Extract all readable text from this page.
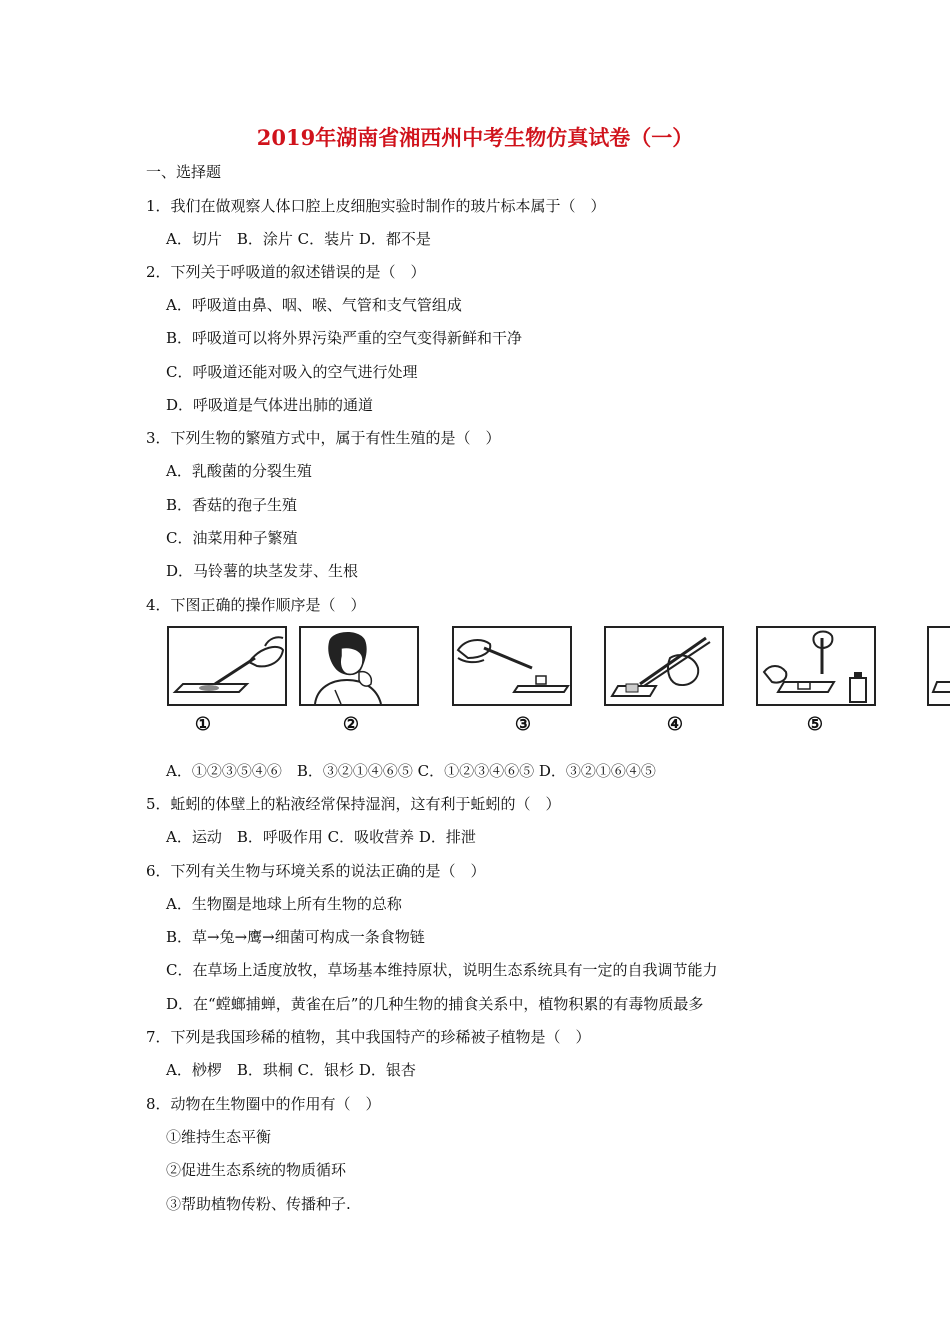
2019年湖南省湘西州中考生物仿真试卷（一）
一、选择题
1．我们在做观察人体口腔上皮细胞实验时制作的玻片标本属于（　）
A．切片　B．涂片 C．装片 D．都不是
2．下列关于呼吸道的叙述错误的是（　）
A．呼吸道由鼻、咽、喉、气管和支气管组成
B．呼吸道可以将外界污染严重的空气变得新鲜和干净
C．呼吸道还能对吸入的空气进行处理
D．呼吸道是气体进出肺的通道
3．下列生物的繁殖方式中，属于有性生殖的是（　）
A．乳酸菌的分裂生殖
B．香菇的孢子生殖
C．油菜用种子繁殖
D．马铃薯的块茎发芽、生根
4．下图正确的操作顺序是（　）
①	②	③	④	⑤
A．①②③⑤④⑥　B．③②①④⑥⑤ C．①②③④⑥⑤ D．③②①⑥④⑤
5．蚯蚓的体壁上的粘液经常保持湿润，这有利于蚯蚓的（　）
A．运动　B．呼吸作用 C．吸收营养 D．排泄
6．下列有关生物与环境关系的说法正确的是（　）
A．生物圈是地球上所有生物的总称
B．草→兔→鹰→细菌可构成一条食物链
C．在草场上适度放牧，草场基本维持原状，说明生态系统具有一定的自我调节能力
D．在“螳螂捕蝉，黄雀在后”的几种生物的捕食关系中，植物积累的有毒物质最多
7．下列是我国珍稀的植物，其中我国特产的珍稀被子植物是（　）
A．桫椤　B．珙桐 C．银杉 D．银杏
8．动物在生物圈中的作用有（　）
①维持生态平衡
②促进生态系统的物质循环
③帮助植物传粉、传播种子.
